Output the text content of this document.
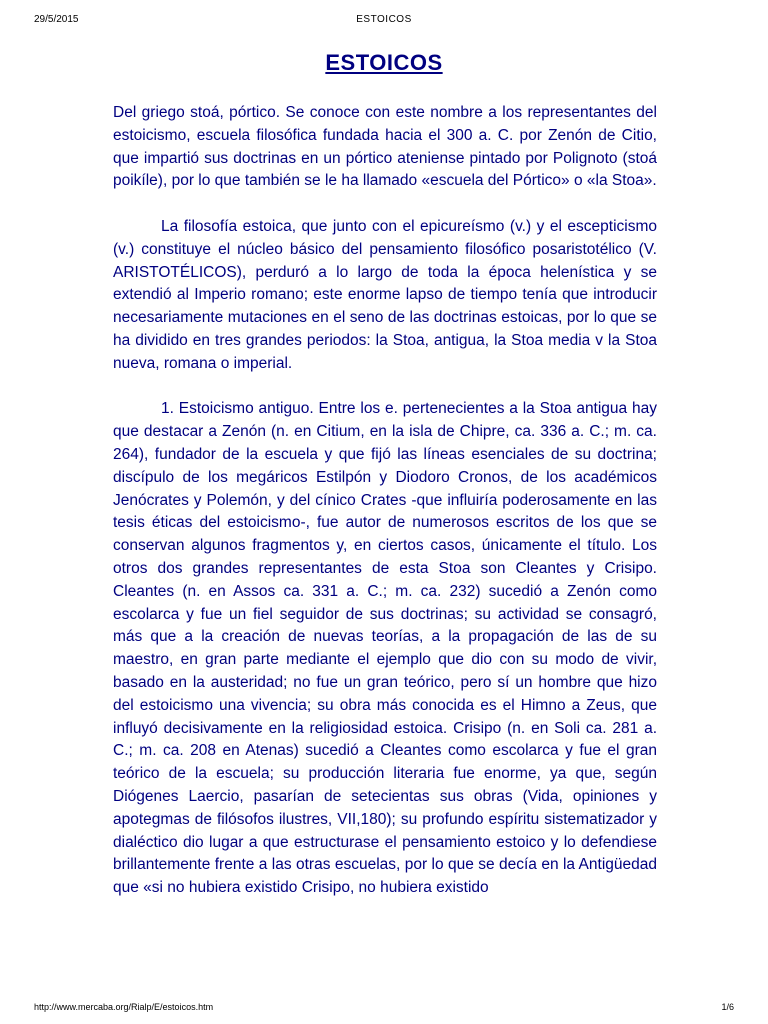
29/5/2015	ESTOICOS
ESTOICOS

Del griego stoá, pórtico. Se conoce con este nombre a los representantes del estoicismo, escuela filosófica fundada hacia el 300 a. C. por Zenón de Citio, que impartió sus doctrinas en un pórtico ateniense pintado por Polignoto (stoá poikíle), por lo que también se le ha llamado «escuela del Pórtico» o «la Stoa».

La filosofía estoica, que junto con el epicureísmo (v.) y el escepticismo (v.) constituye el núcleo básico del pensamiento filosófico posaristotélico (V. ARISTOTÉLICOS), perduró a lo largo de toda la época helenística y se extendió al Imperio romano; este enorme lapso de tiempo tenía que introducir necesariamente mutaciones en el seno de las doctrinas estoicas, por lo que se ha dividido en tres grandes periodos: la Stoa, antigua, la Stoa media v la Stoa nueva, romana o imperial.

1. Estoicismo antiguo. Entre los e. pertenecientes a la Stoa antigua hay que destacar a Zenón (n. en Citium, en la isla de Chipre, ca. 336 a. C.; m. ca. 264), fundador de la escuela y que fijó las líneas esenciales de su doctrina; discípulo de los megáricos Estilpón y Diodoro Cronos, de los académicos Jenócrates y Polemón, y del cínico Crates -que influiría poderosamente en las tesis éticas del estoicismo-, fue autor de numerosos escritos de los que se conservan algunos fragmentos y, en ciertos casos, únicamente el título. Los otros dos grandes representantes de esta Stoa son Cleantes y Crisipo. Cleantes (n. en Assos ca. 331 a. C.; m. ca. 232) sucedió a Zenón como escolarca y fue un fiel seguidor de sus doctrinas; su actividad se consagró, más que a la creación de nuevas teorías, a la propagación de las de su maestro, en gran parte mediante el ejemplo que dio con su modo de vivir, basado en la austeridad; no fue un gran teórico, pero sí un hombre que hizo del estoicismo una vivencia; su obra más conocida es el Himno a Zeus, que influyó decisivamente en la religiosidad estoica. Crisipo (n. en Soli ca. 281 a. C.; m. ca. 208 en Atenas) sucedió a Cleantes como escolarca y fue el gran teórico de la escuela; su producción literaria fue enorme, ya que, según Diógenes Laercio, pasarían de setecientas sus obras (Vida, opiniones y apotegmas de filósofos ilustres, VII,180); su profundo espíritu sistematizador y dialéctico dio lugar a que estructurase el pensamiento estoico y lo defendiese brillantemente frente a las otras escuelas, por lo que se decía en la Antigüedad que «si no hubiera existido Crisipo, no hubiera existido

http://www.mercaba.org/Rialp/E/estoicos.htm	1/6
